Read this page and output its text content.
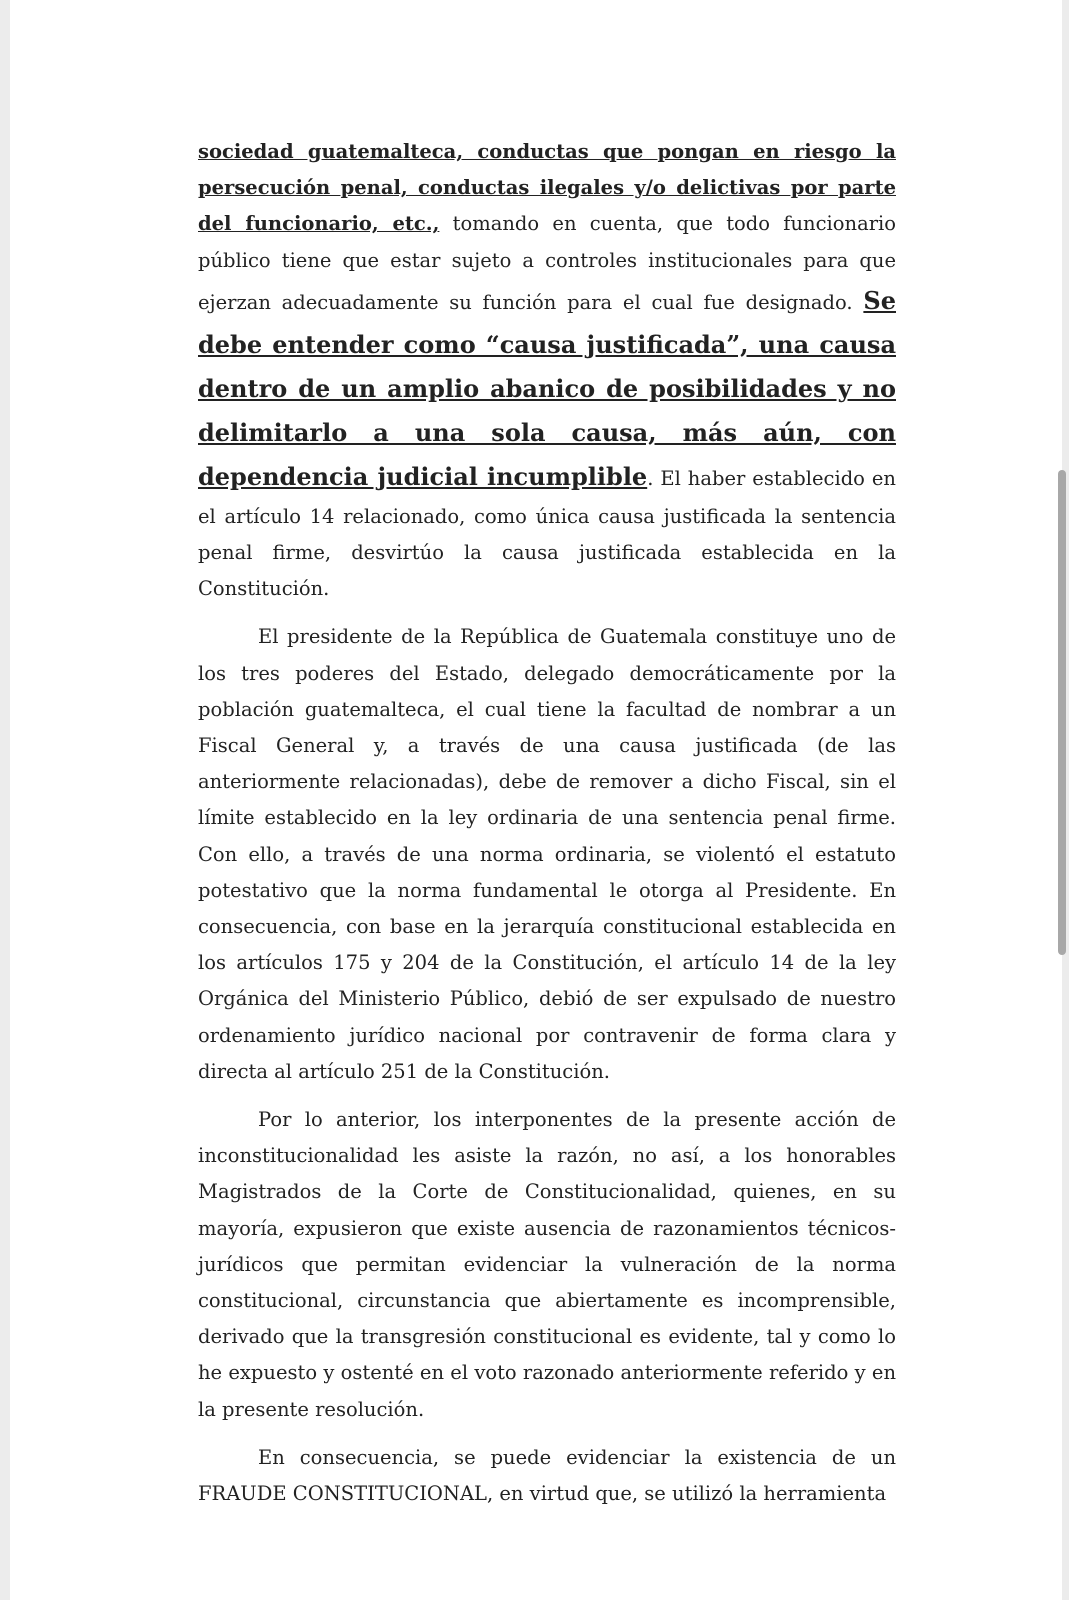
sociedad guatemalteca, conductas que pongan en riesgo la persecución penal, conductas ilegales y/o delictivas por parte del funcionario, etc., tomando en cuenta, que todo funcionario público tiene que estar sujeto a controles institucionales para que ejerzan adecuadamente su función para el cual fue designado. Se debe entender como “causa justificada”, una causa dentro de un amplio abanico de posibilidades y no delimitarlo a una sola causa, más aún, con dependencia judicial incumplible. El haber establecido en el artículo 14 relacionado, como única causa justificada la sentencia penal firme, desvirtúo la causa justificada establecida en la Constitución.

El presidente de la República de Guatemala constituye uno de los tres poderes del Estado, delegado democráticamente por la población guatemalteca, el cual tiene la facultad de nombrar a un Fiscal General y, a través de una causa justificada (de las anteriormente relacionadas), debe de remover a dicho Fiscal, sin el límite establecido en la ley ordinaria de una sentencia penal firme. Con ello, a través de una norma ordinaria, se violentó el estatuto potestativo que la norma fundamental le otorga al Presidente. En consecuencia, con base en la jerarquía constitucional establecida en los artículos 175 y 204 de la Constitución, el artículo 14 de la ley Orgánica del Ministerio Público, debió de ser expulsado de nuestro ordenamiento jurídico nacional por contravenir de forma clara y directa al artículo 251 de la Constitución.

Por lo anterior, los interponentes de la presente acción de inconstitucionalidad les asiste la razón, no así, a los honorables Magistrados de la Corte de Constitucionalidad, quienes, en su mayoría, expusieron que existe ausencia de razonamientos técnicos-jurídicos que permitan evidenciar la vulneración de la norma constitucional, circunstancia que abiertamente es incomprensible, derivado que la transgresión constitucional es evidente, tal y como lo he expuesto y ostenté en el voto razonado anteriormente referido y en la presente resolución.

En consecuencia, se puede evidenciar la existencia de un FRAUDE CONSTITUCIONAL, en virtud que, se utilizó la herramienta
